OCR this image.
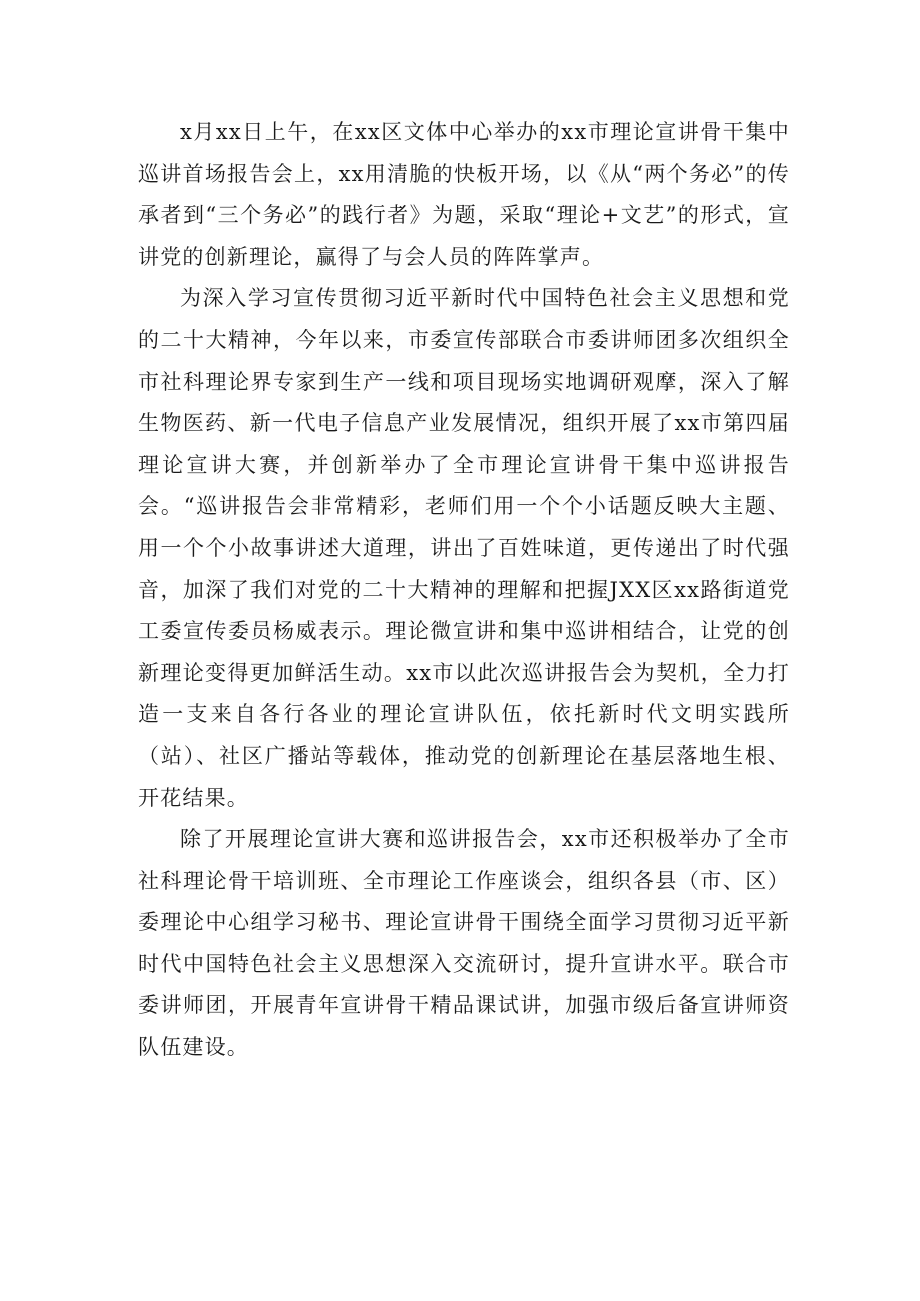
x月xx日上午，在xx区文体中心举办的xx市理论宣讲骨干集中巡讲首场报告会上，xx用清脆的快板开场，以《从“两个务必”的传承者到“三个务必”的践行者》为题，采取“理论+文艺”的形式，宣讲党的创新理论，赢得了与会人员的阵阵掌声。

为深入学习宣传贯彻习近平新时代中国特色社会主义思想和党的二十大精神，今年以来，市委宣传部联合市委讲师团多次组织全市社科理论界专家到生产一线和项目现场实地调研观摩，深入了解生物医药、新一代电子信息产业发展情况，组织开展了xx市第四届理论宣讲大赛，并创新举办了全市理论宣讲骨干集中巡讲报告会。“巡讲报告会非常精彩，老师们用一个个小话题反映大主题、用一个个小故事讲述大道理，讲出了百姓味道，更传递出了时代强音，加深了我们对党的二十大精神的理解和把握JXX区xx路街道党工委宣传委员杨威表示。理论微宣讲和集中巡讲相结合，让党的创新理论变得更加鲜活生动。xx市以此次巡讲报告会为契机，全力打造一支来自各行各业的理论宣讲队伍，依托新时代文明实践所（站）、社区广播站等载体，推动党的创新理论在基层落地生根、开花结果。

除了开展理论宣讲大赛和巡讲报告会，xx市还积极举办了全市社科理论骨干培训班、全市理论工作座谈会，组织各县（市、区）委理论中心组学习秘书、理论宣讲骨干围绕全面学习贯彻习近平新时代中国特色社会主义思想深入交流研讨，提升宣讲水平。联合市委讲师团，开展青年宣讲骨干精品课试讲，加强市级后备宣讲师资队伍建设。
